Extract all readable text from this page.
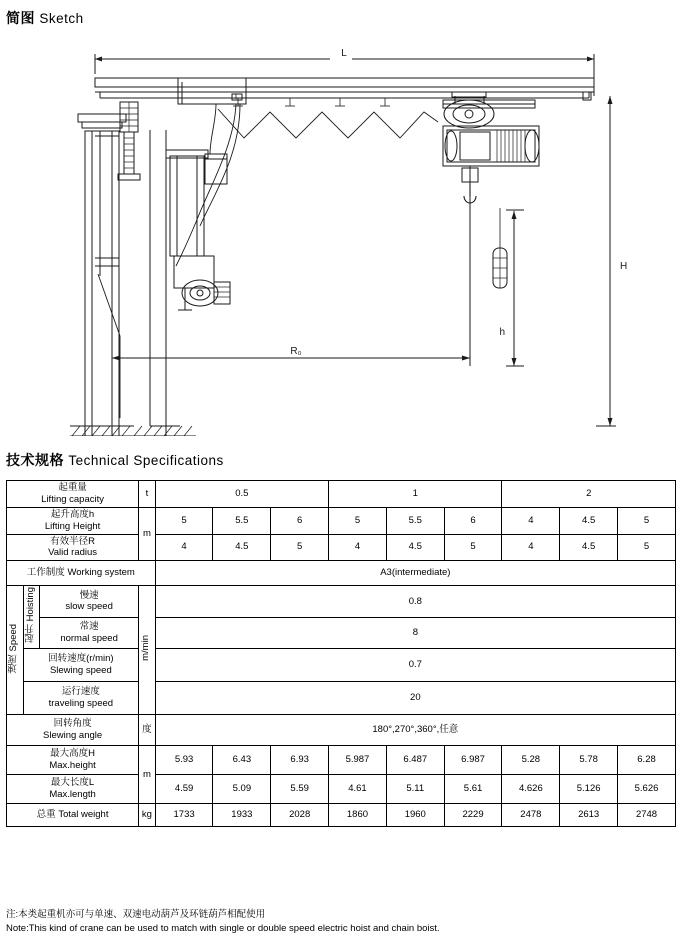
简图 Sketch
L
H
h
R₀
技术规格 Technical Specifications
起重量
Lifting capacity			t	0.5			1			2		

起升高度h
Lifting Height			m	5	5.5	6	5	5.5	6	4	4.5	5

有效半径R
Valid radius				4	4.5	5	4	4.5	5	4	4.5	5
工作制度 Working system				A3(intermediate)								
速度 Speed	起升 Hoisting	慢速
slow speed	m/min	0.8								

		常速
normal speed		8								

	回转速度(r/min)
Slewing speed			0.7								

	运行速度
traveling speed			20								

回转角度
Slewing angle			度	180°,270°,360°,任意								

最大高度H
Max.height			m	5.93	6.43	6.93	5.987	6.487	6.987	5.28	5.78	6.28

最大长度L
Max.length				4.59	5.09	5.59	4.61	5.11	5.61	4.626	5.126	5.626
总重 Total weight			kg	1733	1933	2028	1860	1960	2229	2478	2613	2748
注:本类起重机亦可与单速、双速电动葫芦及环链葫芦相配使用
Note:This kind of crane can be used to match with single or double speed electric hoist and chain boist.
